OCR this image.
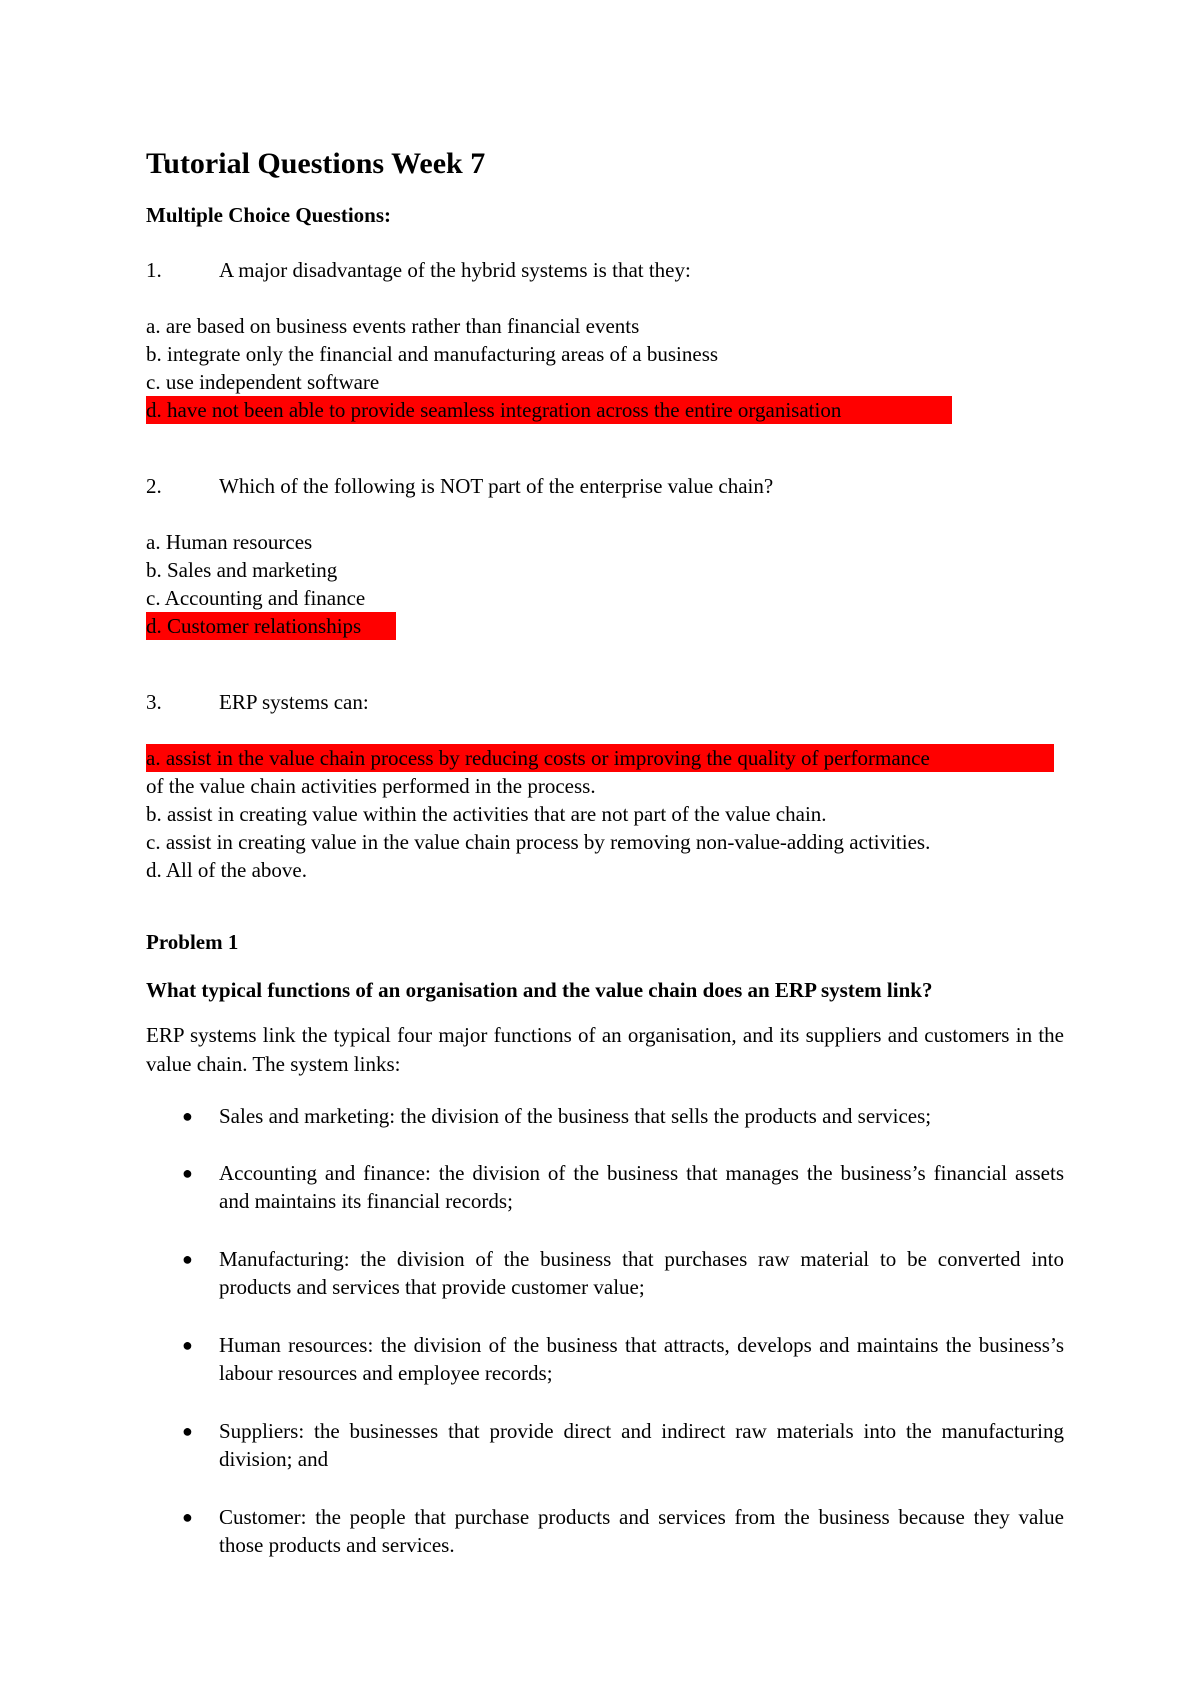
Tutorial Questions Week 7
Multiple Choice Questions:
1.	A major disadvantage of the hybrid systems is that they:
a. are based on business events rather than financial events
b. integrate only the financial and manufacturing areas of a business
c. use independent software
d. have not been able to provide seamless integration across the entire organisation
2.	Which of the following is NOT part of the enterprise value chain?
a. Human resources
b. Sales and marketing
c. Accounting and finance
d. Customer relationships
3.	ERP systems can:
a. assist in the value chain process by reducing costs or improving the quality of performance
of the value chain activities performed in the process.
b. assist in creating value within the activities that are not part of the value chain.
c. assist in creating value in the value chain process by removing non-value-adding activities.
d. All of the above.
Problem 1
What typical functions of an organisation and the value chain does an ERP system link?
ERP systems link the typical four major functions of an organisation, and its suppliers and customers in the value chain. The system links:
● Sales and marketing: the division of the business that sells the products and services;
● Accounting and finance: the division of the business that manages the business’s financial assets and maintains its financial records;
● Manufacturing: the division of the business that purchases raw material to be converted into products and services that provide customer value;
● Human resources: the division of the business that attracts, develops and maintains the business’s labour resources and employee records;
● Suppliers: the businesses that provide direct and indirect raw materials into the manufacturing division; and
● Customer: the people that purchase products and services from the business because they value those products and services.
